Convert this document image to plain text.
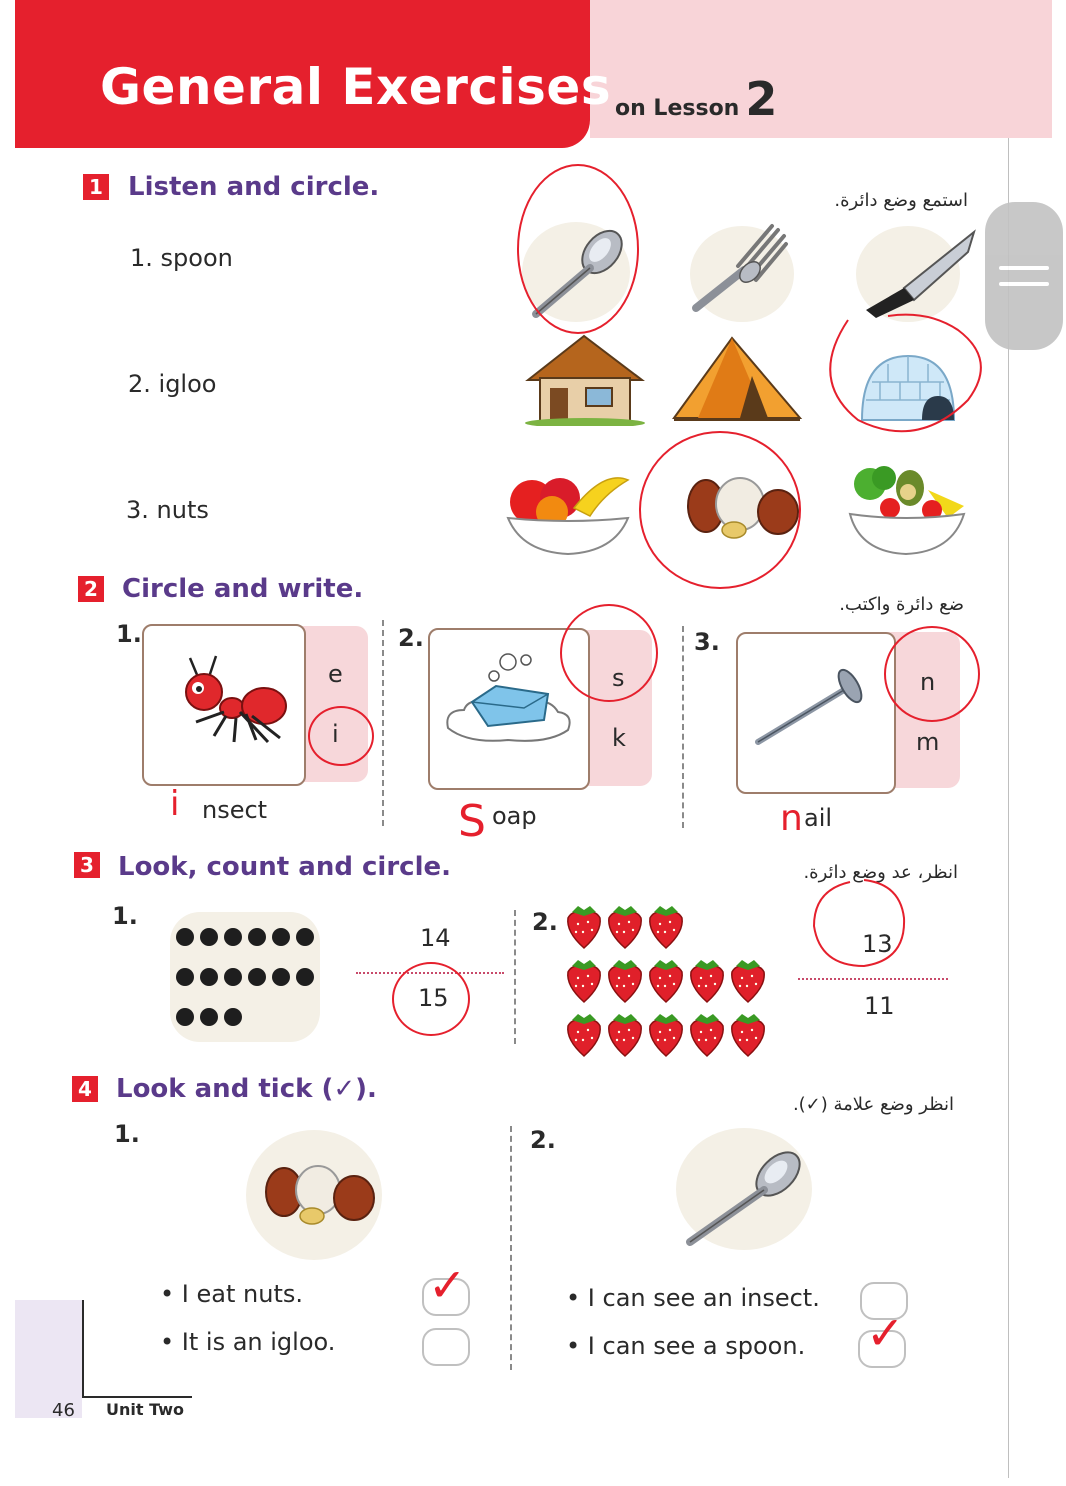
General Exercises on Lesson 2
1 Listen and circle.	استمع وضع دائرة.
1. spoon
2. igloo
3. nuts
2 Circle and write.
ضع دائرة واكتب.
1.
e
i
i nsect
2.
s
k
S oap
3.
n
m
n ail
3 Look, count and circle.	انظر، عد وضع دائرة.
1.
14
15
2.
13
11
4 Look and tick (✓).
انظر وضع علامة (✓).
1.
• I eat nuts.
• It is an igloo.
✓
2.
• I can see an insect.
• I can see a spoon. ✓
46 Unit Two
